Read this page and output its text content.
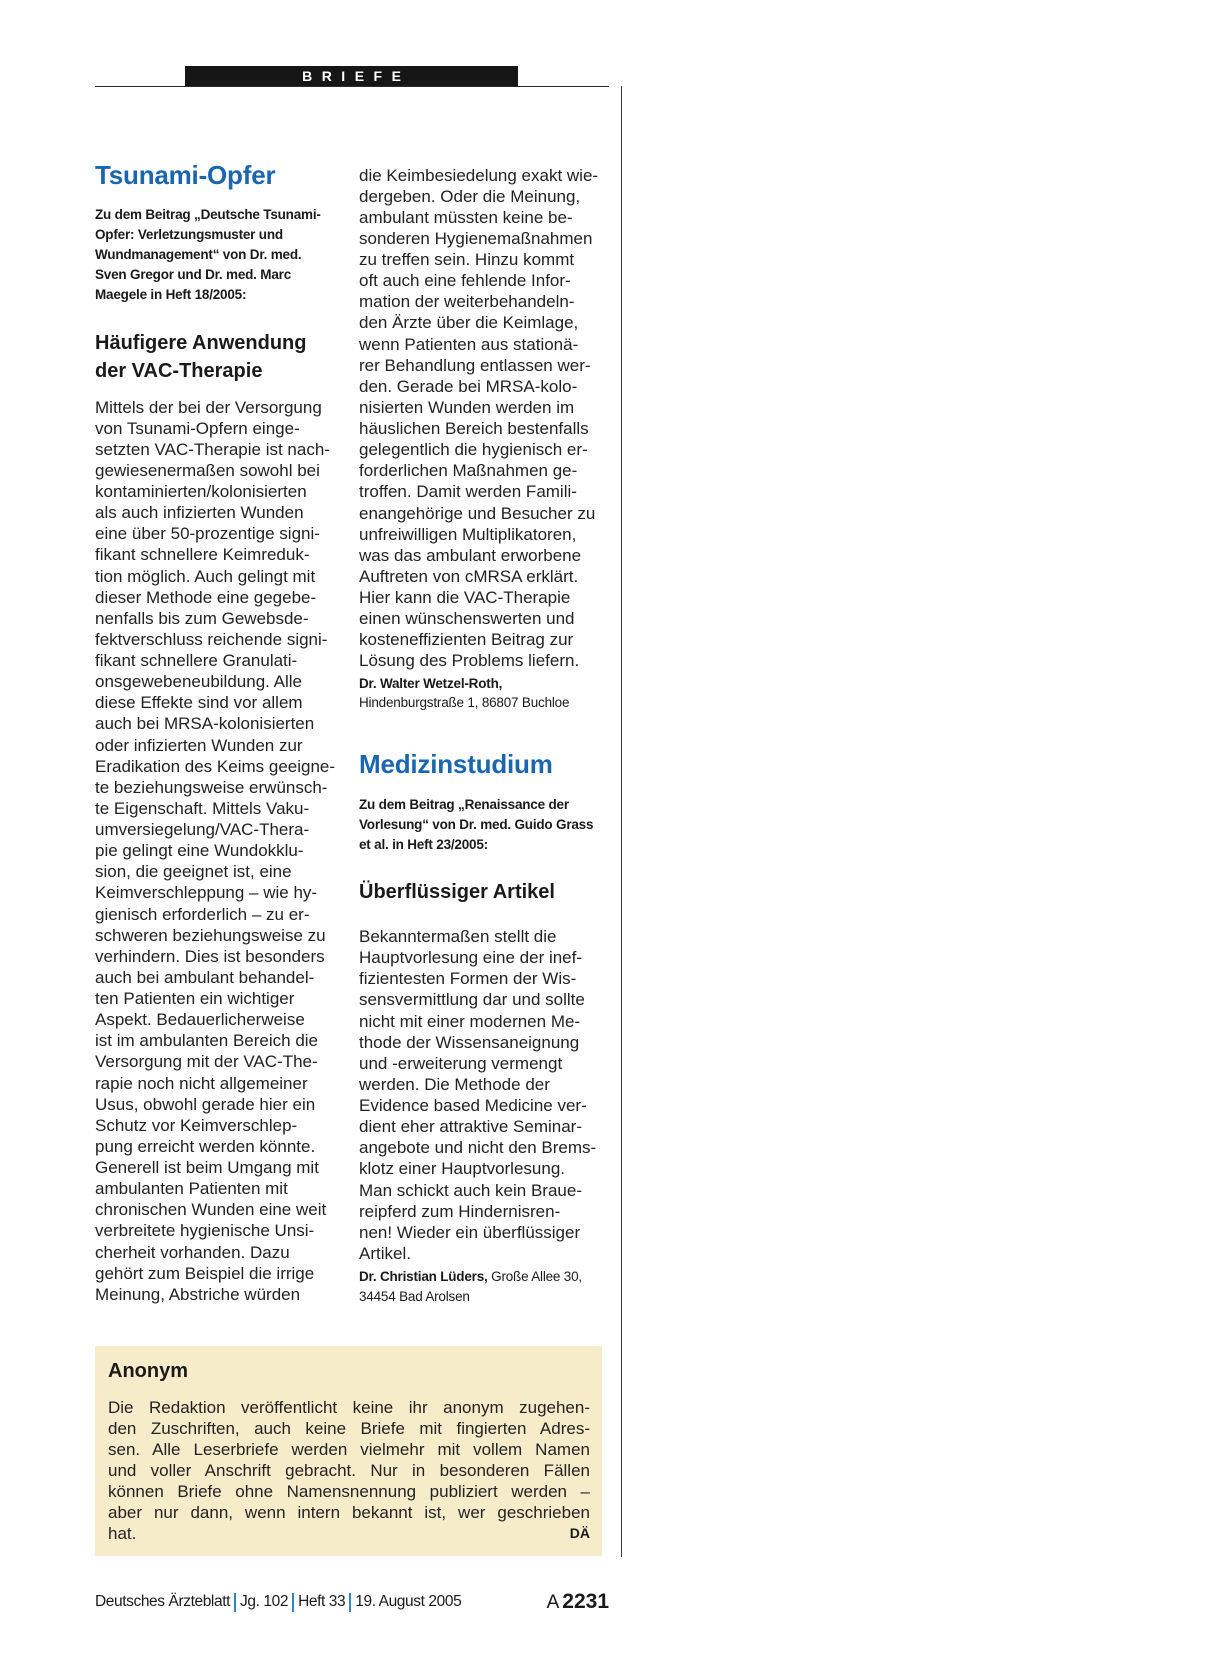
BRIEFE
Tsunami-Opfer
Zu dem Beitrag „Deutsche Tsunami-
Opfer: Verletzungsmuster und
Wundmanagement“ von Dr. med.
Sven Gregor und Dr. med. Marc
Maegele in Heft 18/2005:
Häufigere Anwendung
der VAC-Therapie
Mittels der bei der Versorgung
von Tsunami-Opfern einge-
setzten VAC-Therapie ist nach-
gewiesenermaßen sowohl bei
kontaminierten/kolonisierten
als auch infizierten Wunden
eine über 50-prozentige signi-
fikant schnellere Keimreduk-
tion möglich. Auch gelingt mit
dieser Methode eine gegebe-
nenfalls bis zum Gewebsde-
fektverschluss reichende signi-
fikant schnellere Granulati-
onsgewebeneubildung. Alle
diese Effekte sind vor allem
auch bei MRSA-kolonisierten
oder infizierten Wunden zur
Eradikation des Keims geeigne-
te beziehungsweise erwünsch-
te Eigenschaft. Mittels Vaku-
umversiegelung/VAC-Thera-
pie gelingt eine Wundokklu-
sion, die geeignet ist, eine
Keimverschleppung – wie hy-
gienisch erforderlich – zu er-
schweren beziehungsweise zu
verhindern. Dies ist besonders
auch bei ambulant behandel-
ten Patienten ein wichtiger
Aspekt. Bedauerlicherweise
ist im ambulanten Bereich die
Versorgung mit der VAC-The-
rapie noch nicht allgemeiner
Usus, obwohl gerade hier ein
Schutz vor Keimverschlep-
pung erreicht werden könnte.
Generell ist beim Umgang mit
ambulanten Patienten mit
chronischen Wunden eine weit
verbreitete hygienische Unsi-
cherheit vorhanden. Dazu
gehört zum Beispiel die irrige
Meinung, Abstriche würden
die Keimbesiedelung exakt wie-
dergeben. Oder die Meinung,
ambulant müssten keine be-
sonderen Hygienemaßnahmen
zu treffen sein. Hinzu kommt
oft auch eine fehlende Infor-
mation der weiterbehandeln-
den Ärzte über die Keimlage,
wenn Patienten aus stationä-
rer Behandlung entlassen wer-
den. Gerade bei MRSA-kolo-
nisierten Wunden werden im
häuslichen Bereich bestenfalls
gelegentlich die hygienisch er-
forderlichen Maßnahmen ge-
troffen. Damit werden Famili-
enangehörige und Besucher zu
unfreiwilligen Multiplikatoren,
was das ambulant erworbene
Auftreten von cMRSA erklärt.
Hier kann die VAC-Therapie
einen wünschenswerten und
kosteneffizienten Beitrag zur
Lösung des Problems liefern.
Dr. Walter Wetzel-Roth,
Hindenburgstraße 1, 86807 Buchloe
Medizinstudium
Zu dem Beitrag „Renaissance der
Vorlesung“ von Dr. med. Guido Grass
et al. in Heft 23/2005:
Überflüssiger Artikel
Bekanntermaßen stellt die
Hauptvorlesung eine der inef-
fizientesten Formen der Wis-
sensvermittlung dar und sollte
nicht mit einer modernen Me-
thode der Wissensaneignung
und -erweiterung vermengt
werden. Die Methode der
Evidence based Medicine ver-
dient eher attraktive Seminar-
angebote und nicht den Brems-
klotz einer Hauptvorlesung.
Man schickt auch kein Braue-
reipferd zum Hindernisren-
nen! Wieder ein überflüssiger
Artikel.
Dr. Christian Lüders, Große Allee 30,
34454 Bad Arolsen
Anonym
Die Redaktion veröffentlicht keine ihr anonym zugehen-
den Zuschriften, auch keine Briefe mit fingierten Adres-
sen. Alle Leserbriefe werden vielmehr mit vollem Namen
und voller Anschrift gebracht. Nur in besonderen Fällen
können Briefe ohne Namensnennung publiziert werden –
aber nur dann, wenn intern bekannt ist, wer geschrieben
hat.	DÄ
Deutsches Ärzteblatt Jg. 102 Heft 33 19. August 2005	A 2231
